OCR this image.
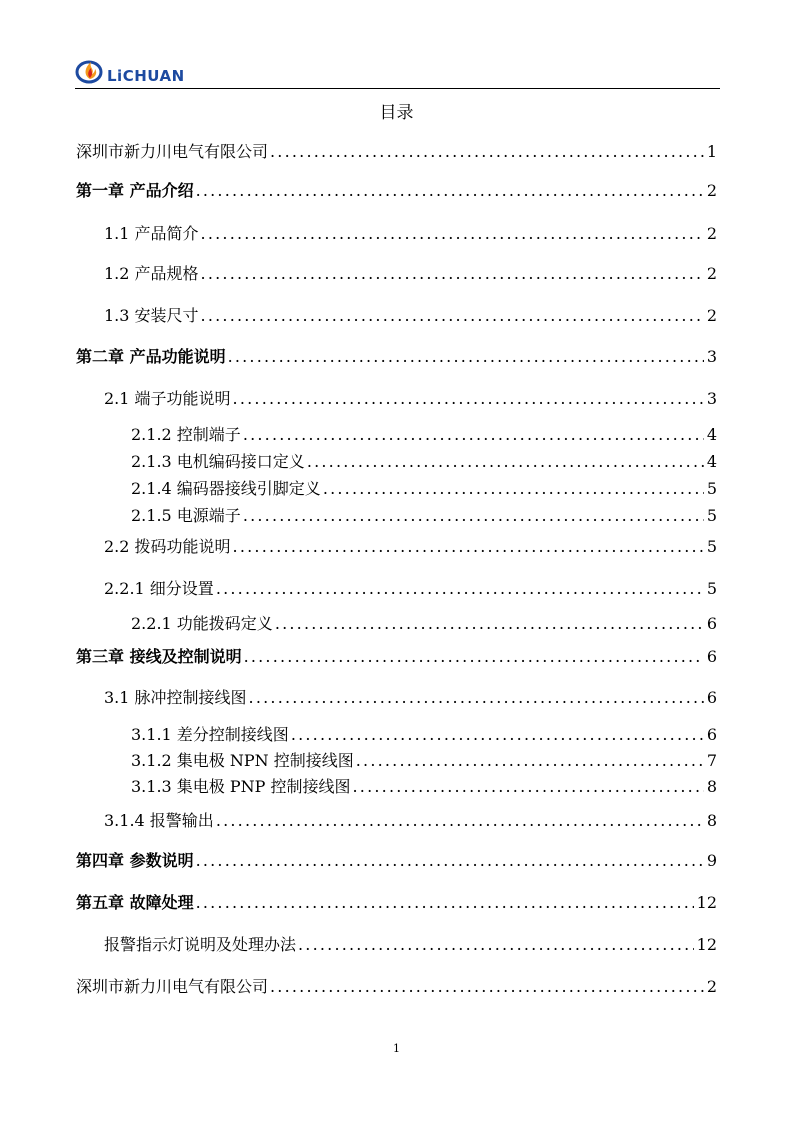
LiCHUAN
目录
深圳市新力川电气有限公司 .....	1
第一章 产品介绍 .....	2
1.1 产品简介 .....	2
1.2 产品规格 .....	2
1.3 安装尺寸 .....	2
第二章 产品功能说明 .....	3
2.1 端子功能说明 .....	3
2.1.2 控制端子 .....	4
2.1.3 电机编码接口定义 .....	4
2.1.4 编码器接线引脚定义 .....	5
2.1.5 电源端子 .....	5
2.2 拨码功能说明 .....	5
2.2.1 细分设置 .....	5
2.2.1 功能拨码定义 .....	6
第三章 接线及控制说明 .....	6
3.1 脉冲控制接线图 .....	6
3.1.1 差分控制接线图 .....	6
3.1.2 集电极 NPN 控制接线图 .....	7
3.1.3 集电极 PNP 控制接线图 .....	8
3.1.4 报警输出 .....	8
第四章 参数说明 .....	9
第五章 故障处理 .....	12
报警指示灯说明及处理办法 .....	12
深圳市新力川电气有限公司 .....	2
1
